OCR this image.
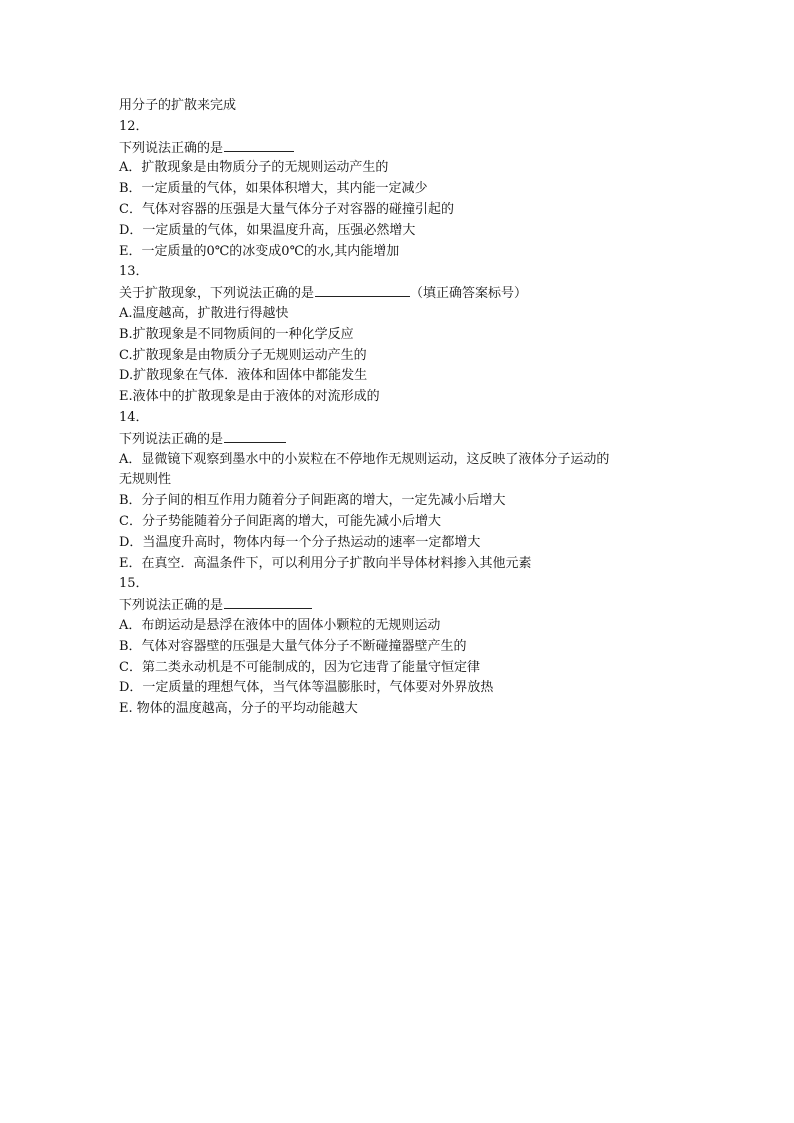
用分子的扩散来完成
12．
下列说法正确的是
A．扩散现象是由物质分子的无规则运动产生的
B．一定质量的气体，如果体积增大，其内能一定减少
C．气体对容器的压强是大量气体分子对容器的碰撞引起的
D．一定质量的气体，如果温度升高，压强必然增大
E．一定质量的0℃的冰变成0℃的水,其内能增加
13．
关于扩散现象，下列说法正确的是	（填正确答案标号）
A.温度越高，扩散进行得越快
B.扩散现象是不同物质间的一种化学反应
C.扩散现象是由物质分子无规则运动产生的
D.扩散现象在气体．液体和固体中都能发生
E.液体中的扩散现象是由于液体的对流形成的
14．
下列说法正确的是
A．显微镜下观察到墨水中的小炭粒在不停地作无规则运动，这反映了液体分子运动的
无规则性
B．分子间的相互作用力随着分子间距离的增大，一定先减小后增大
C．分子势能随着分子间距离的增大，可能先减小后增大
D．当温度升高时，物体内每一个分子热运动的速率一定都增大
E．在真空．高温条件下，可以利用分子扩散向半导体材料掺入其他元素
15．
下列说法正确的是
A．布朗运动是悬浮在液体中的固体小颗粒的无规则运动
B．气体对容器壁的压强是大量气体分子不断碰撞器壁产生的
C．第二类永动机是不可能制成的，因为它违背了能量守恒定律
D．一定质量的理想气体，当气体等温膨胀时，气体要对外界放热
E. 物体的温度越高，分子的平均动能越大
